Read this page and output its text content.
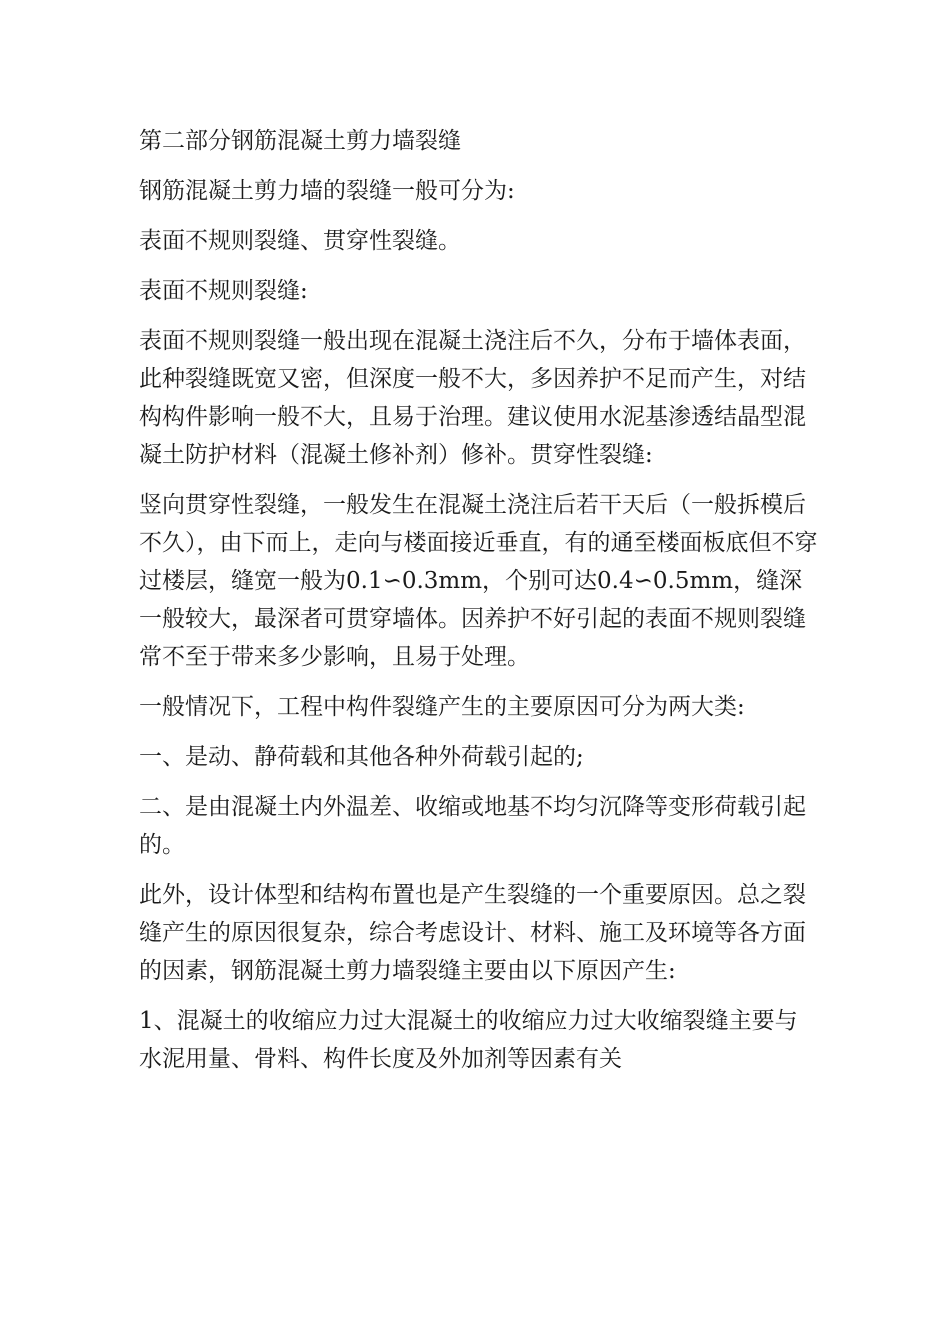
第二部分钢筋混凝土剪力墙裂缝

钢筋混凝土剪力墙的裂缝一般可分为:

表面不规则裂缝、贯穿性裂缝。

表面不规则裂缝:

表面不规则裂缝一般出现在混凝土浇注后不久，分布于墙体表面，此种裂缝既宽又密，但深度一般不大，多因养护不足而产生，对结构构件影响一般不大，且易于治理。建议使用水泥基渗透结晶型混凝土防护材料（混凝土修补剂）修补。贯穿性裂缝:

竖向贯穿性裂缝，一般发生在混凝土浇注后若干天后（一般拆模后不久），由下而上，走向与楼面接近垂直，有的通至楼面板底但不穿过楼层，缝宽一般为0.1∽0.3mm，个别可达0.4∽0.5mm，缝深一般较大，最深者可贯穿墙体。因养护不好引起的表面不规则裂缝常不至于带来多少影响，且易于处理。

一般情况下，工程中构件裂缝产生的主要原因可分为两大类:

一、是动、静荷载和其他各种外荷载引起的;

二、是由混凝土内外温差、收缩或地基不均匀沉降等变形荷载引起的。

此外，设计体型和结构布置也是产生裂缝的一个重要原因。总之裂缝产生的原因很复杂，综合考虑设计、材料、施工及环境等各方面的因素，钢筋混凝土剪力墙裂缝主要由以下原因产生:

1、混凝土的收缩应力过大混凝土的收缩应力过大收缩裂缝主要与水泥用量、骨料、构件长度及外加剂等因素有关
